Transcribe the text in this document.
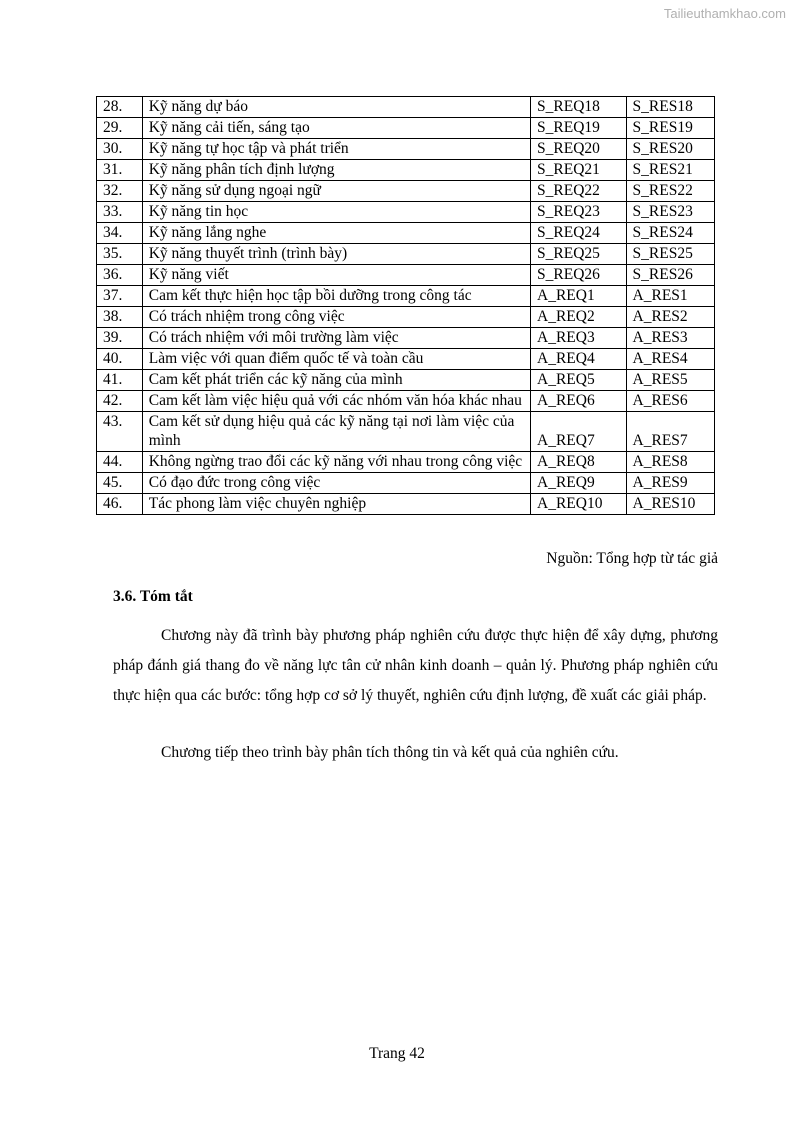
Tailieuthamkhao.com
28.	Kỹ năng dự báo	S_REQ18	S_RES18
29.	Kỹ năng cải tiến, sáng tạo	S_REQ19	S_RES19
30.	Kỹ năng tự học tập và phát triển	S_REQ20	S_RES20
31.	Kỹ năng phân tích định lượng	S_REQ21	S_RES21
32.	Kỹ năng sử dụng ngoại ngữ	S_REQ22	S_RES22
33.	Kỹ năng tin học	S_REQ23	S_RES23
34.	Kỹ năng lắng nghe	S_REQ24	S_RES24
35.	Kỹ năng thuyết trình (trình bày)	S_REQ25	S_RES25
36.	Kỹ năng viết	S_REQ26	S_RES26
37.	Cam kết thực hiện học tập bồi dưỡng trong công tác	A_REQ1	A_RES1
38.	Có trách nhiệm trong công việc	A_REQ2	A_RES2
39.	Có trách nhiệm với môi trường làm việc	A_REQ3	A_RES3
40.	Làm việc với quan điểm quốc tế và toàn cầu	A_REQ4	A_RES4
41.	Cam kết phát triển các kỹ năng của mình	A_REQ5	A_RES5
42.	Cam kết làm việc hiệu quả với các nhóm văn hóa khác nhau	A_REQ6	A_RES6
43.	Cam kết sử dụng hiệu quả các kỹ năng tại nơi làm việc của mình	A_REQ7	A_RES7
44.	Không ngừng trao đổi các kỹ năng với nhau trong công việc	A_REQ8	A_RES8
45.	Có đạo đức trong công việc	A_REQ9	A_RES9
46.	Tác phong làm việc chuyên nghiệp	A_REQ10	A_RES10
Nguồn: Tổng hợp từ tác giả
3.6. Tóm tắt

Chương này đã trình bày phương pháp nghiên cứu được thực hiện để xây dựng, phương pháp đánh giá thang đo về năng lực tân cử nhân kinh doanh – quản lý. Phương pháp nghiên cứu thực hiện qua các bước: tổng hợp cơ sở lý thuyết, nghiên cứu định lượng, đề xuất các giải pháp.

Chương tiếp theo trình bày phân tích thông tin và kết quả của nghiên cứu.

Trang 42
